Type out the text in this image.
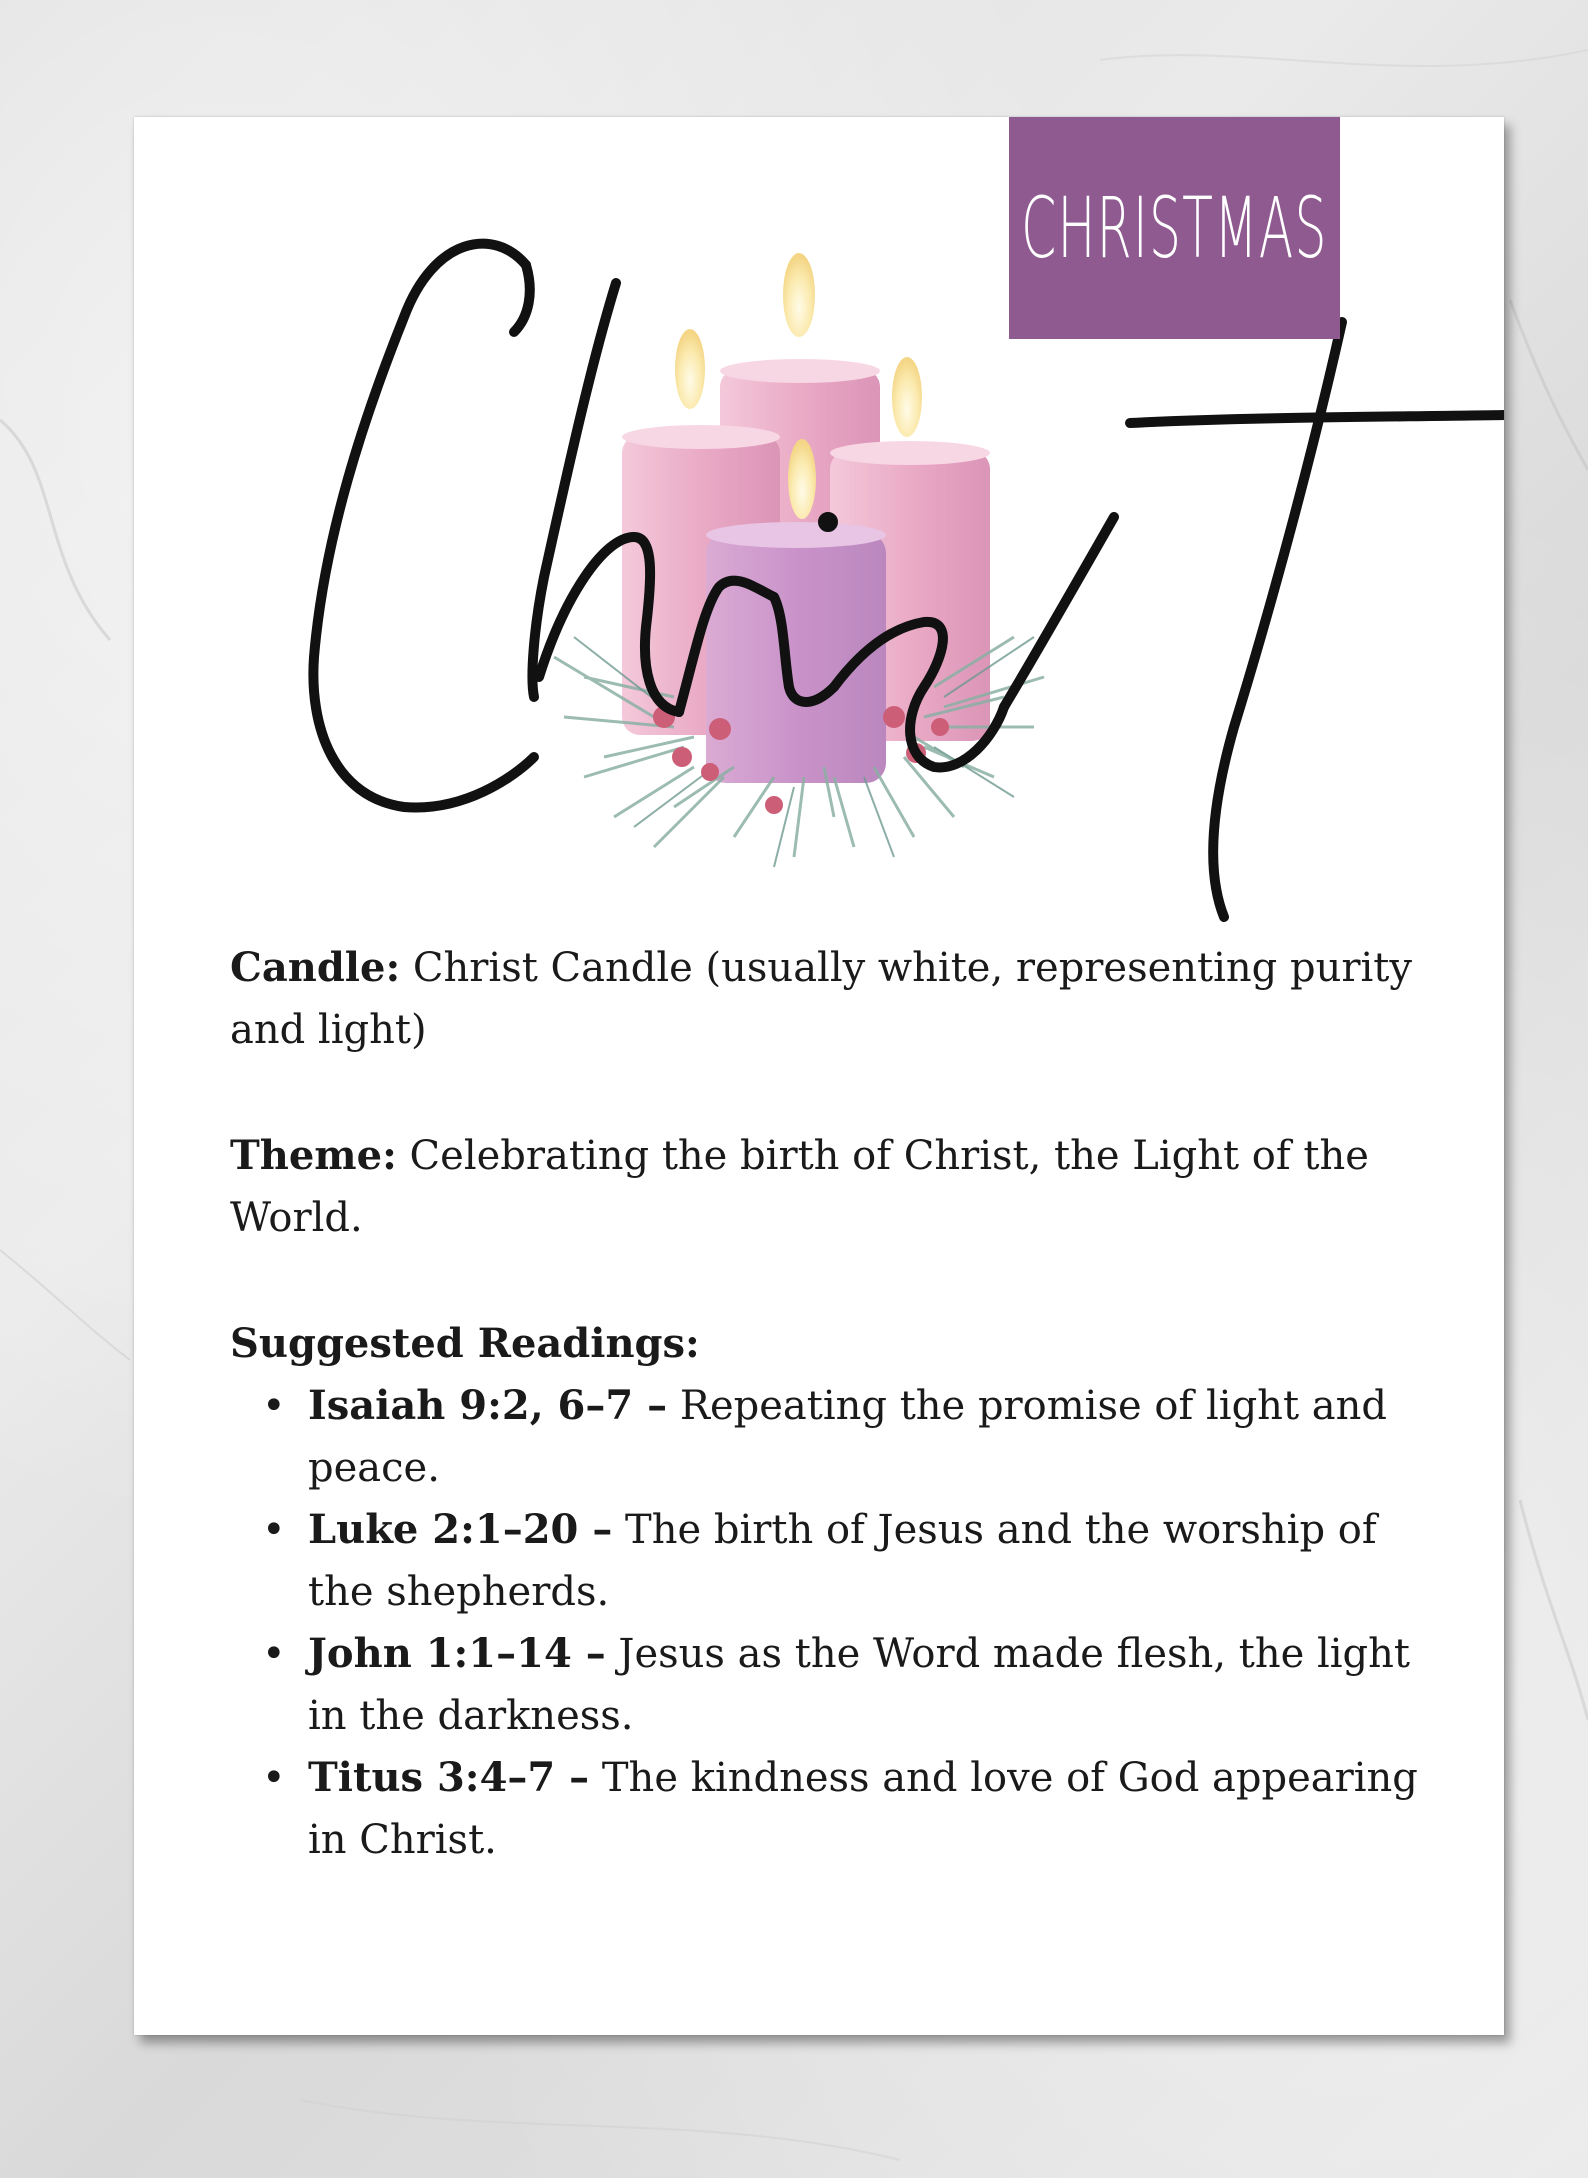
CHRISTMAS

Candle: Christ Candle (usually white, representing purity and light)

Theme: Celebrating the birth of Christ, the Light of the World.

Suggested Readings:

• Isaiah 9:2, 6–7 – Repeating the promise of light and peace.
• Luke 2:1–20 – The birth of Jesus and the worship of the shepherds.
• John 1:1–14 – Jesus as the Word made flesh, the light in the darkness.
• Titus 3:4–7 – The kindness and love of God appearing in Christ.
